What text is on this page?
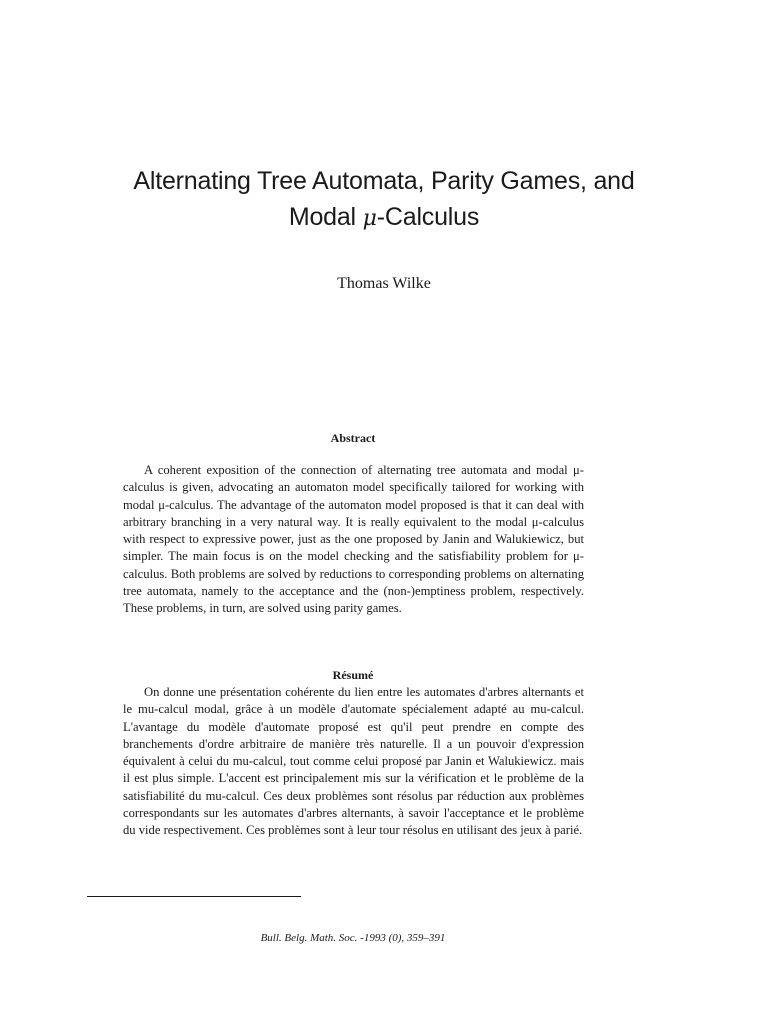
Alternating Tree Automata, Parity Games, and
Modal μ-Calculus
Thomas Wilke
Abstract

A coherent exposition of the connection of alternating tree automata and modal μ-calculus is given, advocating an automaton model specifically tailored for working with modal μ-calculus. The advantage of the automaton model proposed is that it can deal with arbitrary branching in a very natural way. It is really equivalent to the modal μ-calculus with respect to expressive power, just as the one proposed by Janin and Walukiewicz, but simpler. The main focus is on the model checking and the satisfiability problem for μ-calculus. Both problems are solved by reductions to corresponding problems on alternating tree automata, namely to the acceptance and the (non-)emptiness problem, respectively. These problems, in turn, are solved using parity games.

Résumé

On donne une présentation cohérente du lien entre les automates d'arbres alternants et le mu-calcul modal, grâce à un modèle d'automate spécialement adapté au mu-calcul. L'avantage du modèle d'automate proposé est qu'il peut prendre en compte des branchements d'ordre arbitraire de manière très naturelle. Il a un pouvoir d'expression équivalent à celui du mu-calcul, tout comme celui proposé par Janin et Walukiewicz. mais il est plus simple. L'accent est principalement mis sur la vérification et le problème de la satisfiabilité du mu-calcul. Ces deux problèmes sont résolus par réduction aux problèmes correspondants sur les automates d'arbres alternants, à savoir l'acceptance et le problème du vide respectivement. Ces problèmes sont à leur tour résolus en utilisant des jeux à parié.

Bull. Belg. Math. Soc. -1993 (0), 359–391
